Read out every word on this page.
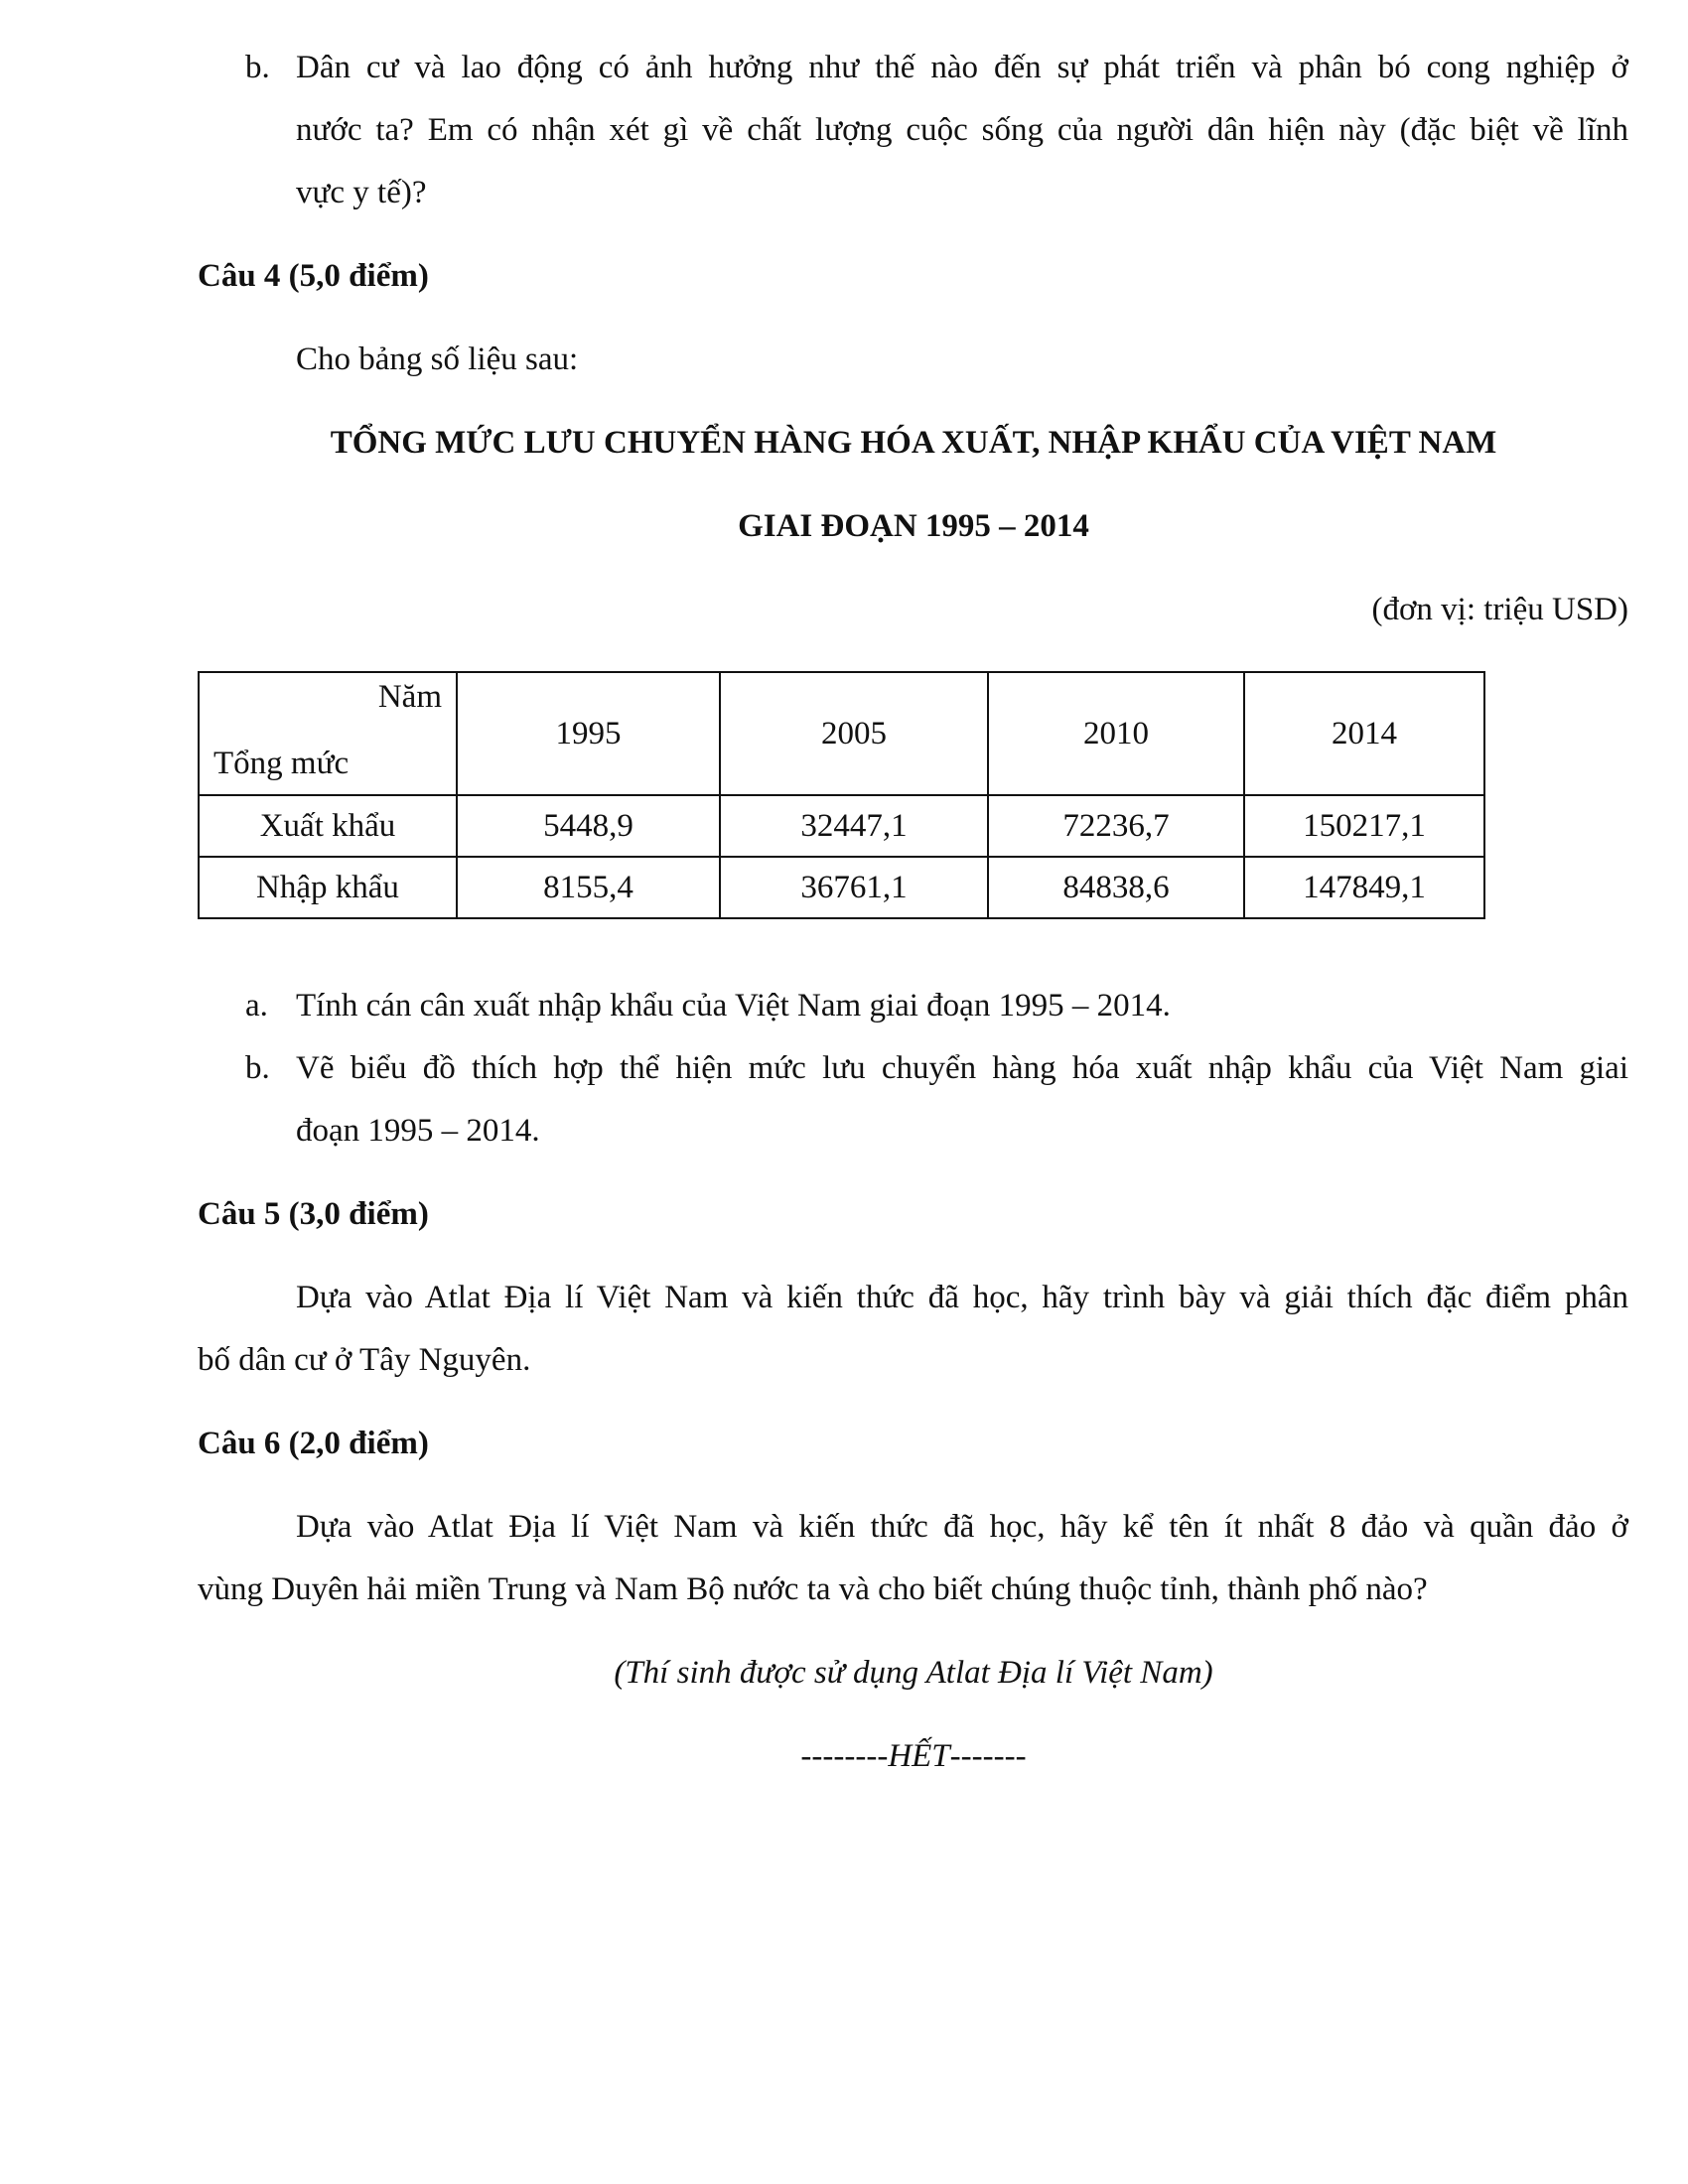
b. Dân cư và lao động có ảnh hưởng như thế nào đến sự phát triển và phân bó cong nghiệp ở
nước ta? Em có nhận xét gì về chất lượng cuộc sống của người dân hiện này (đặc biệt về lĩnh
vực y tế)?
Câu 4 (5,0 điểm)
Cho bảng số liệu sau:
TỔNG MỨC LƯU CHUYỂN HÀNG HÓA XUẤT, NHẬP KHẨU CỦA VIỆT NAM
GIAI ĐOẠN 1995 – 2014
(đơn vị: triệu USD)
Năm
Tổng mức	1995	2005	2010	2014
Xuất khẩu	5448,9	32447,1	72236,7	150217,1
Nhập khẩu	8155,4	36761,1	84838,6	147849,1
a. Tính cán cân xuất nhập khẩu của Việt Nam giai đoạn 1995 – 2014.
b. Vẽ biểu đồ thích hợp thể hiện mức lưu chuyển hàng hóa xuất nhập khẩu của Việt Nam giai
đoạn 1995 – 2014.
Câu 5 (3,0 điểm)
Dựa vào Atlat Địa lí Việt Nam và kiến thức đã học, hãy trình bày và giải thích đặc điểm phân
bố dân cư ở Tây Nguyên.
Câu 6 (2,0 điểm)
Dựa vào Atlat Địa lí Việt Nam và kiến thức đã học, hãy kể tên ít nhất 8 đảo và quần đảo ở
vùng Duyên hải miền Trung và Nam Bộ nước ta và cho biết chúng thuộc tỉnh, thành phố nào?
(Thí sinh được sử dụng Atlat Địa lí Việt Nam)
--------HẾT-------
